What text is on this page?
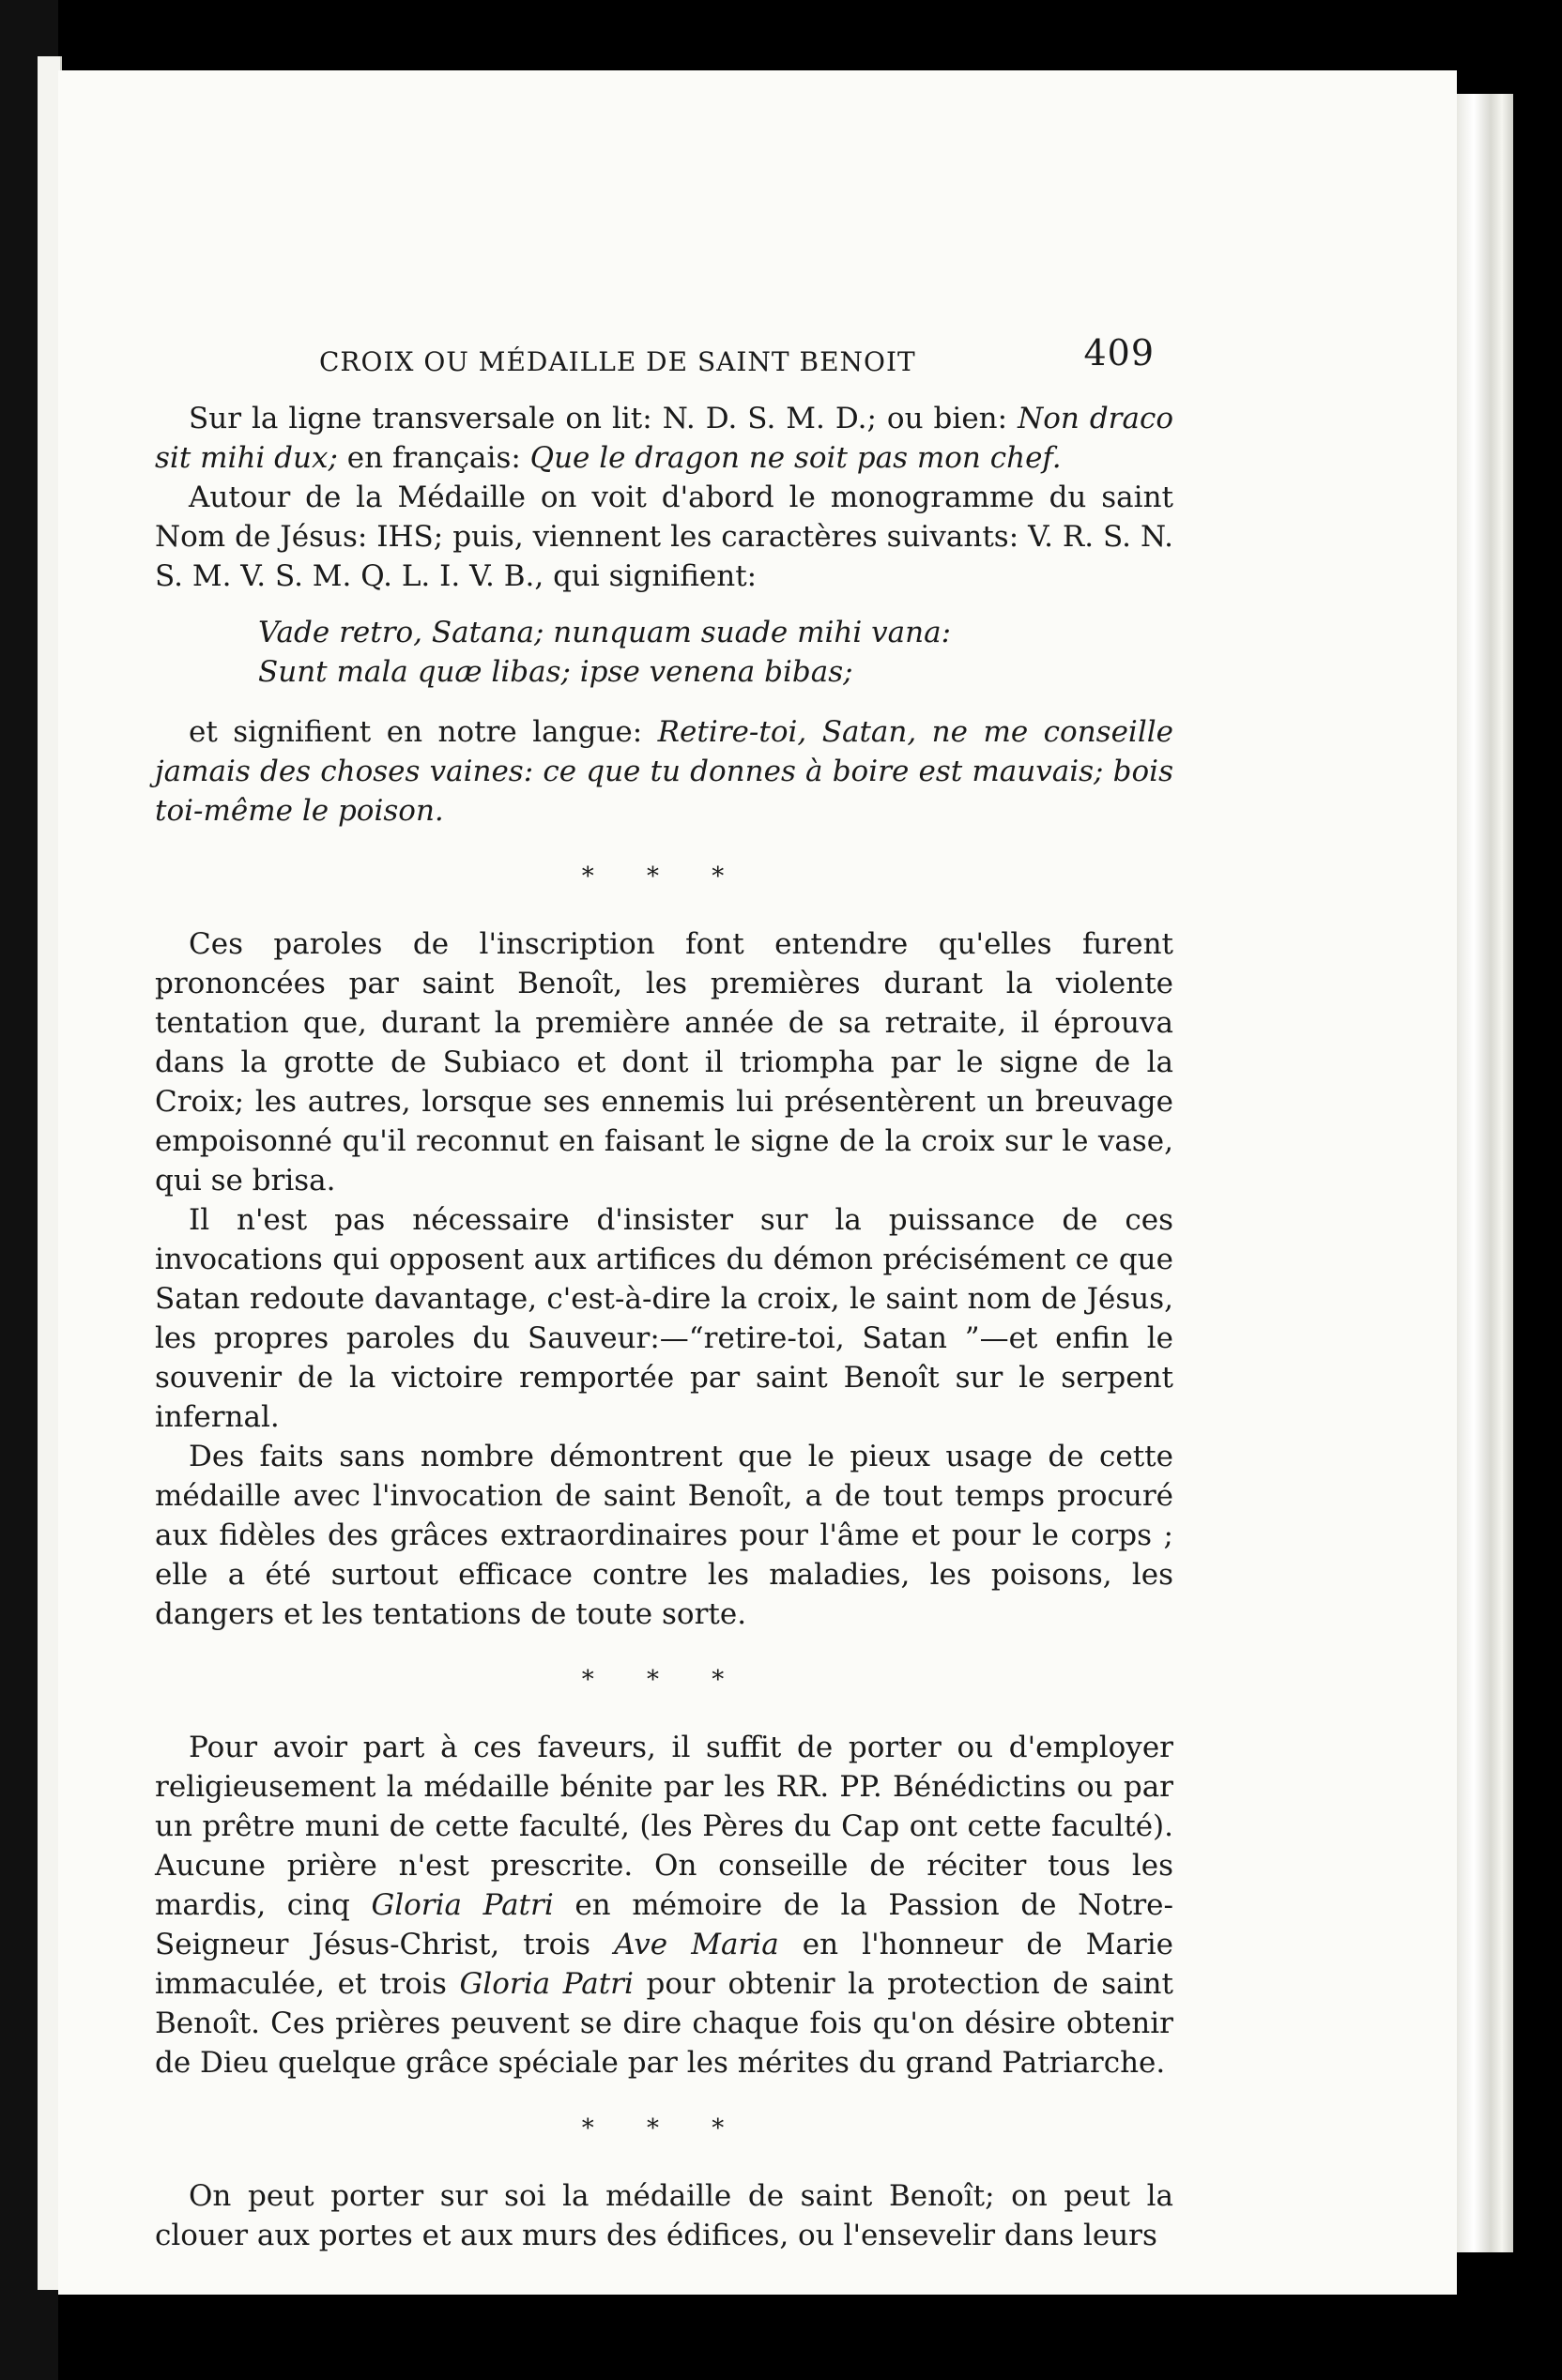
CROIX OU MÉDAILLE DE SAINT BENOIT	409

Sur la ligne transversale on lit: N. D. S. M. D.; ou bien: Non draco sit mihi dux; en français: Que le dragon ne soit pas mon chef.

Autour de la Médaille on voit d'abord le monogramme du saint Nom de Jésus: IHS; puis, viennent les caractères suivants: V. R. S. N. S. M. V. S. M. Q. L. I. V. B., qui signifient:

Vade retro, Satana; nunquam suade mihi vana:
Sunt mala quæ libas; ipse venena bibas;

et signifient en notre langue: Retire-toi, Satan, ne me conseille jamais des choses vaines: ce que tu donnes à boire est mauvais; bois toi-même le poison.

* * *

Ces paroles de l'inscription font entendre qu'elles furent prononcées par saint Benoît, les premières durant la violente tentation que, durant la première année de sa retraite, il éprouva dans la grotte de Subiaco et dont il triompha par le signe de la Croix; les autres, lorsque ses ennemis lui présentèrent un breuvage empoisonné qu'il reconnut en faisant le signe de la croix sur le vase, qui se brisa.

Il n'est pas nécessaire d'insister sur la puissance de ces invocations qui opposent aux artifices du démon précisément ce que Satan redoute davantage, c'est-à-dire la croix, le saint nom de Jésus, les propres paroles du Sauveur:—“retire-toi, Satan ”—et enfin le souvenir de la victoire remportée par saint Benoît sur le serpent infernal.

Des faits sans nombre démontrent que le pieux usage de cette médaille avec l'invocation de saint Benoît, a de tout temps procuré aux fidèles des grâces extraordinaires pour l'âme et pour le corps ; elle a été surtout efficace contre les maladies, les poisons, les dangers et les tentations de toute sorte.

* * *

Pour avoir part à ces faveurs, il suffit de porter ou d'employer religieusement la médaille bénite par les RR. PP. Bénédictins ou par un prêtre muni de cette faculté, (les Pères du Cap ont cette faculté). Aucune prière n'est prescrite. On conseille de réciter tous les mardis, cinq Gloria Patri en mémoire de la Passion de Notre-Seigneur Jésus-Christ, trois Ave Maria en l'honneur de Marie immaculée, et trois Gloria Patri pour obtenir la protection de saint Benoît. Ces prières peuvent se dire chaque fois qu'on désire obtenir de Dieu quelque grâce spéciale par les mérites du grand Patriarche.

* * *

On peut porter sur soi la médaille de saint Benoît; on peut la clouer aux portes et aux murs des édifices, ou l'ensevelir dans leurs
